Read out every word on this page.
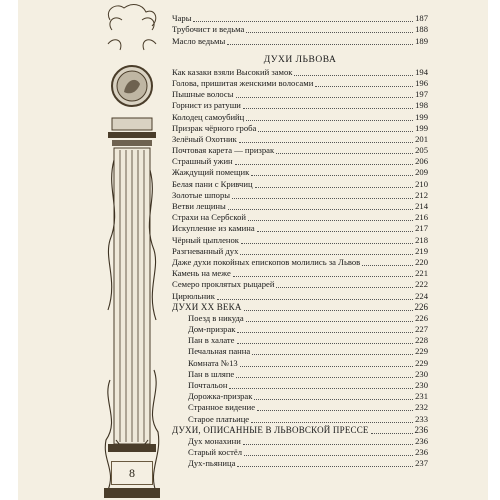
8
Чары	187
Трубочист и ведьма	188
Масло ведьмы	189
ДУХИ ЛЬВОВА
Как казаки взяли Высокий замок	194
Голова, пришитая женскими волосами	196
Пышные волосы	197
Горнист из ратуши	198
Колодец самоубийц	199
Призрак чёрного гроба	199
Зелёный Охотник	201
Почтовая карета — призрак	205
Страшный ужин	206
Жаждущий помещик	209
Белая пани с Кривчиц	210
Золотые шпоры	212
Ветви лещины	214
Страхи на Сербской	216
Искупление из камина	217
Чёрный цыпленок	218
Разгневанный дух	219
Даже духи покойных епископов молились за Львов	220
Камень на меже	221
Семеро проклятых рыцарей	222
Цирюльник	224
ДУХИ XX ВЕКА	226
Поезд в никуда	226
Дом-призрак	227
Пан в халате	228
Печальная панна	229
Комната №13	229
Пан в шляпе	230
Почтальон	230
Дорожка-призрак	231
Странное видение	232
Старое платьице	233
ДУХИ, ОПИСАННЫЕ В ЛЬВОВСКОЙ ПРЕССЕ	236
Дух монахини	236
Старый костёл	236
Дух-пьяница	237
